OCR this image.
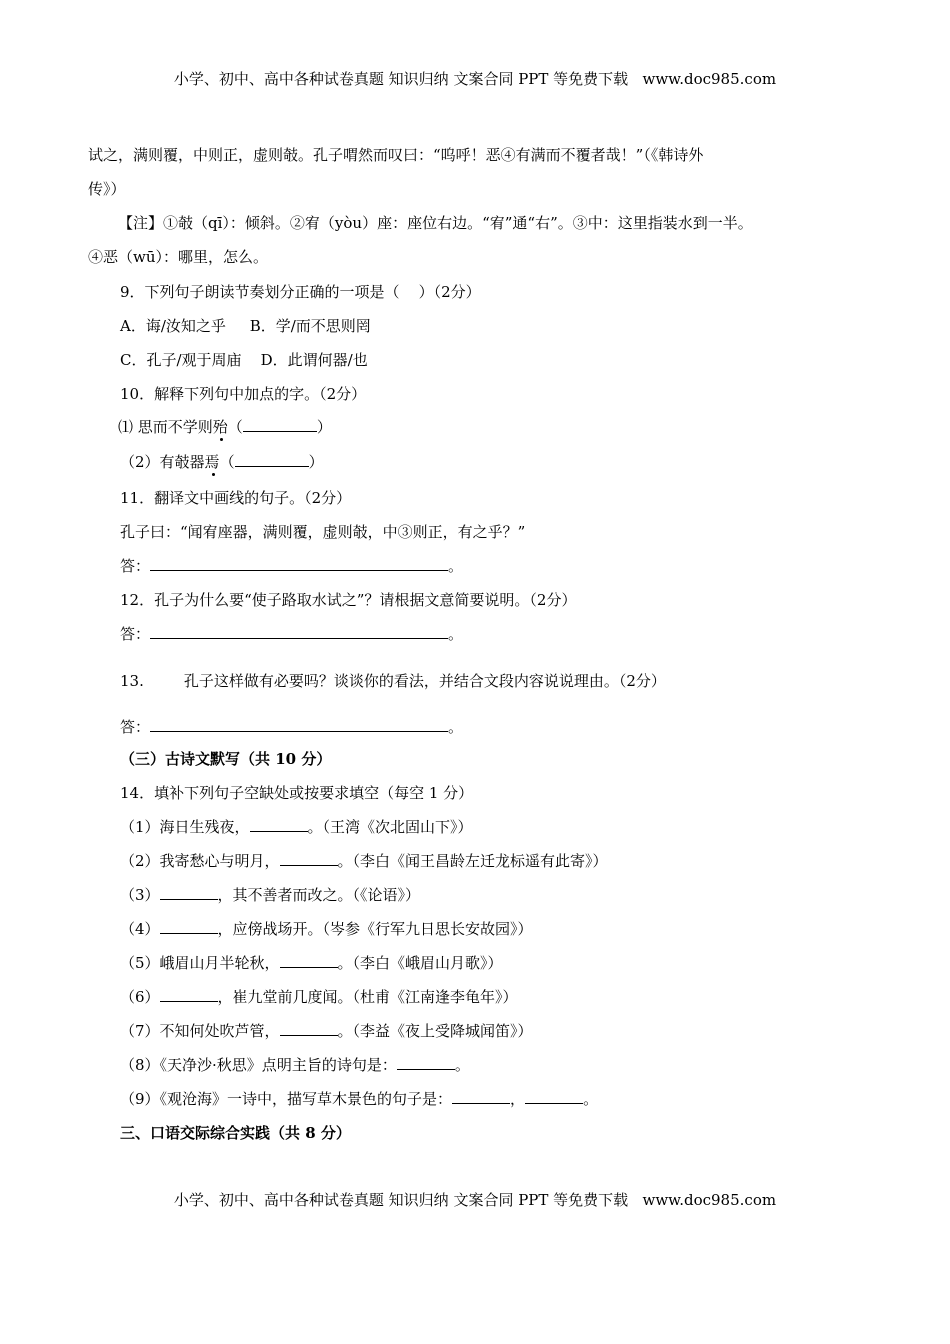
小学、初中、高中各种试卷真题 知识归纳 文案合同 PPT 等免费下载   www.doc985.com
试之，满则覆，中则正，虚则攲。孔子喟然而叹曰：“呜呼！恶④有满而不覆者哉！”（《韩诗外
传》）
【注】①攲（qī）：倾斜。②宥（yòu）座：座位右边。“宥”通“右”。③中：这里指装水到一半。
④恶（wū）：哪里，怎么。
9．下列句子朗读节奏划分正确的一项是（    ）（2分）
A．诲/汝知之乎 B．学/而不思则罔
C．孔子/观于周庙 D．此谓何器/也
10．解释下列句中加点的字。（2分）
⑴ 思而不学则殆（	）
（2）有攲器焉（	）
11．翻译文中画线的句子。（2分）
孔子曰：“闻宥座器，满则覆，虚则攲，中③则正，有之乎？”
答：	。
12．孔子为什么要“使子路取水试之”？请根据文意简要说明。（2分）
答：	。
13.	孔子这样做有必要吗？谈谈你的看法，并结合文段内容说说理由。（2分）
答：	。
（三）古诗文默写（共 10 分）
14．填补下列句子空缺处或按要求填空（每空 1 分）
（1）海日生残夜，	。（王湾《次北固山下》）
（2）我寄愁心与明月，	。（李白《闻王昌龄左迁龙标遥有此寄》）
（3）	，其不善者而改之。（《论语》）
（4）	，应傍战场开。（岑参《行军九日思长安故园》）
（5）峨眉山月半轮秋，	。（李白《峨眉山月歌》）
（6）	，崔九堂前几度闻。（杜甫《江南逢李龟年》）
（7）不知何处吹芦管，	。（李益《夜上受降城闻笛》）
（8）《天净沙·秋思》点明主旨的诗句是：	。
（9）《观沧海》一诗中，描写草木景色的句子是：	，	。
三、口语交际综合实践（共 8 分）
小学、初中、高中各种试卷真题 知识归纳 文案合同 PPT 等免费下载   www.doc985.com
